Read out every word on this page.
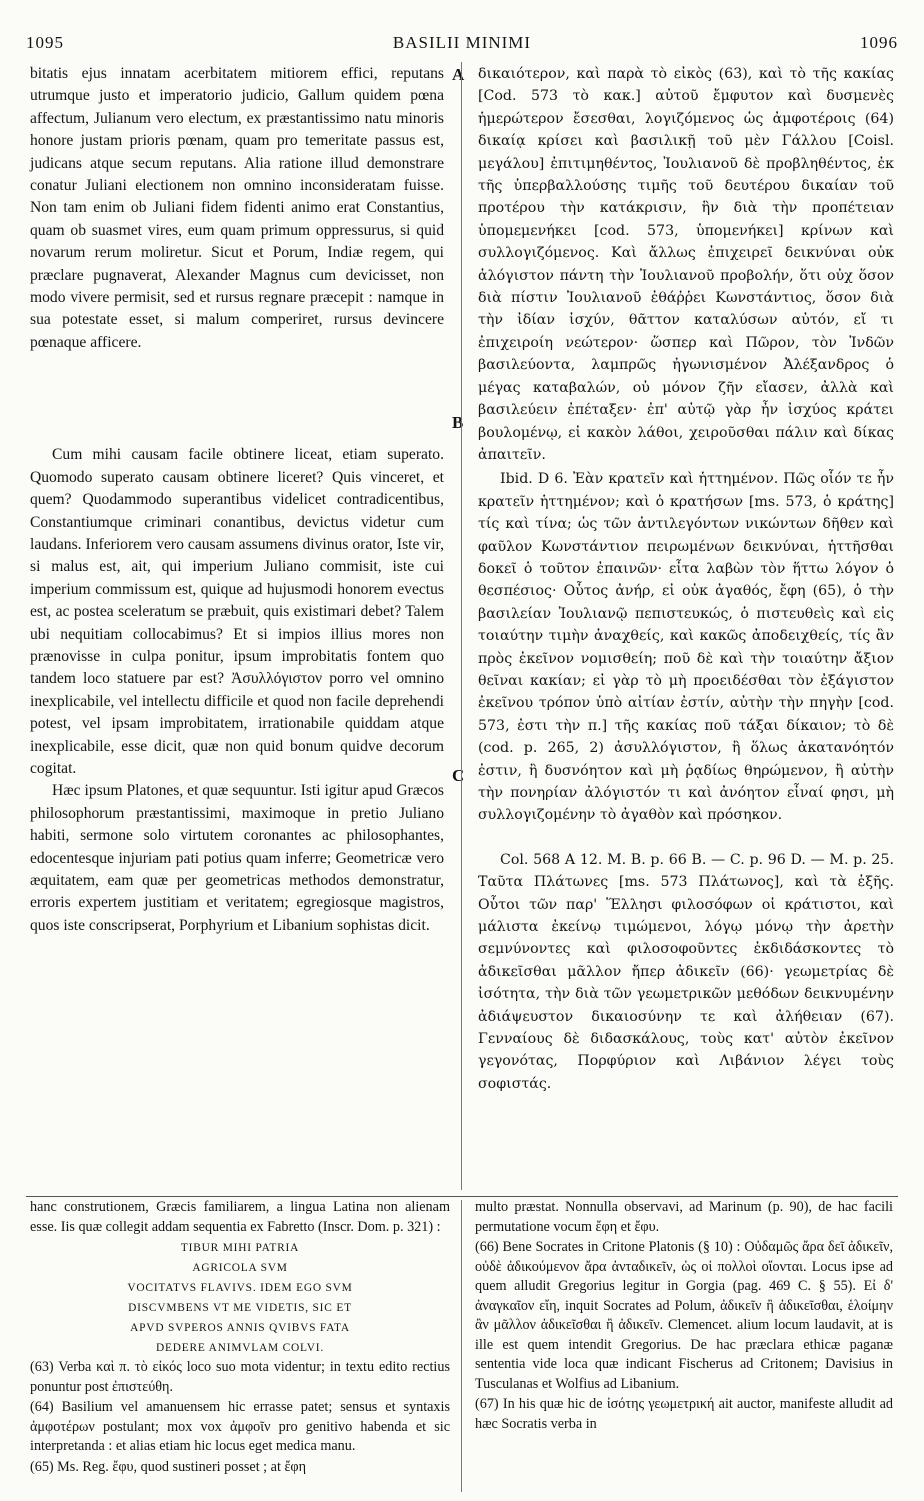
1095	BASILII MINIMI	1096
A
B
C

bitatis ejus innatam acerbitatem mitiorem effici, reputans utrumque justo et imperatorio judicio, Gallum quidem pœna affectum, Julianum vero electum, ex præstantissimo natu minoris honore justam prioris pœnam, quam pro temeritate passus est, judicans atque secum reputans. Alia ratione illud demonstrare conatur Juliani electionem non omnino inconsideratam fuisse. Non tam enim ob Juliani fidem fidenti animo erat Constantius, quam ob suasmet vires, eum quam primum oppressurus, si quid novarum rerum moliretur. Sicut et Porum, Indiæ regem, qui præclare pugnaverat, Alexander Magnus cum devicisset, non modo vivere permisit, sed et rursus regnare præcepit : namque in sua potestate esset, si malum comperiret, rursus devincere pœnaque afficere.

Cum mihi causam facile obtinere liceat, etiam superato. Quomodo superato causam obtinere liceret? Quis vinceret, et quem? Quodammodo superantibus videlicet contradicentibus, Constantiumque criminari conantibus, devictus videtur cum laudans. Inferiorem vero causam assumens divinus orator, Iste vir, si malus est, ait, qui imperium Juliano commisit, iste cui imperium commissum est, quique ad hujusmodi honorem evectus est, ac postea sceleratum se præbuit, quis existimari debet? Talem ubi nequitiam collocabimus? Et si impios illius mores non prænovisse in culpa ponitur, ipsum improbitatis fontem quo tandem loco statuere par est? Ἀσυλλόγιστον porro vel omnino inexplicabile, vel intellectu difficile et quod non facile deprehendi potest, vel ipsam improbitatem, irrationabile quiddam atque inexplicabile, esse dicit, quæ non quid bonum quidve decorum cogitat.

Hæc ipsum Platones, et quæ sequuntur. Isti igitur apud Græcos philosophorum præstantissimi, maximoque in pretio Juliano habiti, sermone solo virtutem coronantes ac philosophantes, edocentesque injuriam pati potius quam inferre; Geometricæ vero æquitatem, eam quæ per geometricas methodos demonstratur, erroris expertem justitiam et veritatem; egregiosque magistros, quos iste conscripserat, Porphyrium et Libanium sophistas dicit.

δικαιότερον, καὶ παρὰ τὸ εἰκὸς (63), καὶ τὸ τῆς κακίας [Cod. 573 τὸ κακ.] αὐτοῦ ἔμφυτον καὶ δυσμενὲς ἡμερώτερον ἔσεσθαι, λογιζόμενος ὡς ἀμφοτέροις (64) δικαίᾳ κρίσει καὶ βασιλικῇ τοῦ μὲν Γάλλου [Coisl. μεγάλου] ἐπιτιμηθέντος, Ἰουλιανοῦ δὲ προβληθέντος, ἐκ τῆς ὑπερβαλλούσης τιμῆς τοῦ δευτέρου δικαίαν τοῦ προτέρου τὴν κατάκρισιν, ἣν διὰ τὴν προπέτειαν ὑπομεμενήκει [cod. 573, ὑπομενήκει] κρίνων καὶ συλλογιζόμενος. Καὶ ἄλλως ἐπιχειρεῖ δεικνύναι οὐκ ἀλόγιστον πάντη τὴν Ἰουλιανοῦ προβολήν, ὅτι οὐχ ὅσον διὰ πίστιν Ἰουλιανοῦ ἐθάῤῥει Κωνστάντιος, ὅσον διὰ τὴν ἰδίαν ἰσχύν, θᾶττον καταλύσων αὐτόν, εἴ τι ἐπιχειροίη νεώτερον· ὥσπερ καὶ Πῶρον, τὸν Ἰνδῶν βασιλεύοντα, λαμπρῶς ἠγωνισμένον Ἀλέξανδρος ὁ μέγας καταβαλών, οὐ μόνον ζῆν εἴασεν, ἀλλὰ καὶ βασιλεύειν ἐπέταξεν· ἐπ' αὐτῷ γὰρ ἦν ἰσχύος κράτει βουλομένῳ, εἰ κακὸν λάθοι, χειροῦσθαι πάλιν καὶ δίκας ἀπαιτεῖν.

Ibid. D 6. Ἐὰν κρατεῖν καὶ ἡττημένον. Πῶς οἷόν τε ἦν κρατεῖν ἡττημένον; καὶ ὁ κρατήσων [ms. 573, ὁ κράτης] τίς καὶ τίνα; ὡς τῶν ἀντιλεγόντων νικώντων δῆθεν καὶ φαῦλον Κωνστάντιον πειρωμένων δεικνύναι, ἡττῆσθαι δοκεῖ ὁ τοῦτον ἐπαινῶν· εἶτα λαβὼν τὸν ἥττω λόγον ὁ θεσπέσιος· Οὗτος ἀνήρ, εἰ οὐκ ἀγαθός, ἔφη (65), ὁ τὴν βασιλείαν Ἰουλιανῷ πεπιστευκώς, ὁ πιστευθεὶς καὶ εἰς τοιαύτην τιμὴν ἀναχθείς, καὶ κακῶς ἀποδειχθείς, τίς ἂν πρὸς ἐκεῖνον νομισθείη; ποῦ δὲ καὶ τὴν τοιαύτην ἄξιον θεῖναι κακίαν; εἰ γὰρ τὸ μὴ προειδέσθαι τὸν ἐξάγιστον ἐκεῖνου τρόπον ὑπὸ αἰτίαν ἐστίν, αὐτὴν τὴν πηγὴν [cod. 573, ἐστι τὴν π.] τῆς κακίας ποῦ τάξαι δίκαιον; τὸ δὲ (cod. p. 265, 2) ἀσυλλόγιστον, ἢ ὅλως ἀκατανόητόν ἐστιν, ἢ δυσνόητον καὶ μὴ ῥᾳδίως θηρώμενον, ἢ αὐτὴν τὴν πονηρίαν ἀλόγιστόν τι καὶ ἀνόητον εἶναί φησι, μὴ συλλογιζομένην τὸ ἀγαθὸν καὶ πρόσηκον.

Col. 568 A 12. M. B. p. 66 B. — C. p. 96 D. — M. p. 25. Ταῦτα Πλάτωνες [ms. 573 Πλάτωνος], καὶ τὰ ἑξῆς. Οὗτοι τῶν παρ' Ἕλλησι φιλοσόφων οἱ κράτιστοι, καὶ μάλιστα ἐκείνῳ τιμώμενοι, λόγῳ μόνῳ τὴν ἀρετὴν σεμνύνοντες καὶ φιλοσοφοῦντες ἐκδιδάσκοντες τὸ ἀδικεῖσθαι μᾶλλον ἤπερ ἀδικεῖν (66)· γεωμετρίας δὲ ἰσότητα, τὴν διὰ τῶν γεωμετρικῶν μεθόδων δεικνυμένην ἀδιάψευστον δικαιοσύνην τε καὶ ἀλήθειαν (67). Γενναίους δὲ διδασκάλους, τοὺς κατ' αὐτὸν ἐκεῖνον γεγονότας, Πορφύριον καὶ Λιβάνιον λέγει τοὺς σοφιστάς.

hanc construtionem, Græcis familiarem, a lingua Latina non alienam esse. Iis quæ collegit addam sequentia ex Fabretto (Inscr. Dom. p. 321) :

TIBUR MIHI PATRIA
AGRICOLA SVM
VOCITATVS FLAVIVS. IDEM EGO SVM
DISCVMBENS VT ME VIDETIS, SIC ET
APVD SVPEROS ANNIS QVIBVS FATA
DEDERE ANIMVLAM COLVI.

(63) Verba καὶ π. τὸ εἰκός loco suo mota videntur; in textu edito rectius ponuntur post ἐπιστεύθη.

(64) Basilium vel amanuensem hic errasse patet; sensus et syntaxis ἀμφοτέρων postulant; mox vox ἀμφοῖν pro genitivo habenda et sic interpretanda : et alias etiam hic locus eget medica manu.

(65) Ms. Reg. ἔφυ, quod sustineri posset ; at ἔφη

multo præstat. Nonnulla observavi, ad Marinum (p. 90), de hac facili permutatione vocum ἔφη et ἔφυ.

(66) Bene Socrates in Critone Platonis (§ 10) : Οὐδαμῶς ἄρα δεῖ ἀδικεῖν, οὐδὲ ἀδικούμενον ἄρα ἀνταδικεῖν, ὡς οἱ πολλοὶ οἴονται. Locus ipse ad quem alludit Gregorius legitur in Gorgia (pag. 469 C. § 55). Εἰ δ' ἀναγκαῖον εἴη, inquit Socrates ad Polum, ἀδικεῖν ἢ ἀδικεῖσθαι, ἑλοίμην ἂν μᾶλλον ἀδικεῖσθαι ἢ ἀδικεῖν. Clemencet. alium locum laudavit, at is ille est quem intendit Gregorius. De hac præclara ethicæ paganæ sententia vide loca quæ indicant Fischerus ad Critonem; Davisius in Tusculanas et Wolfius ad Libanium.

(67) In his quæ hic de ἰσότης γεωμετρική ait auctor, manifeste alludit ad hæc Socratis verba in
